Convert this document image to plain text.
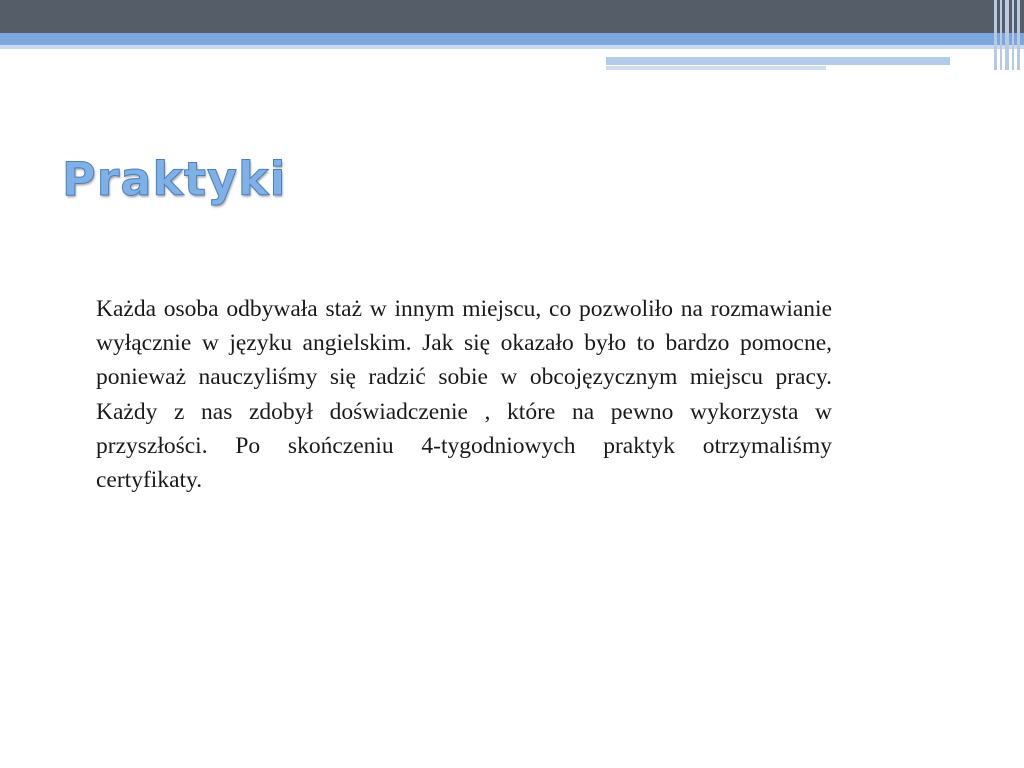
Praktyki

Każda osoba odbywała staż w innym miejscu, co pozwoliło na rozmawianie wyłącznie w języku angielskim. Jak się okazało było to bardzo pomocne, ponieważ nauczyliśmy się radzić sobie w obcojęzycznym miejscu pracy. Każdy z nas zdobył doświadczenie , które na pewno wykorzysta w przyszłości. Po skończeniu 4-tygodniowych praktyk otrzymaliśmy certyfikaty.
